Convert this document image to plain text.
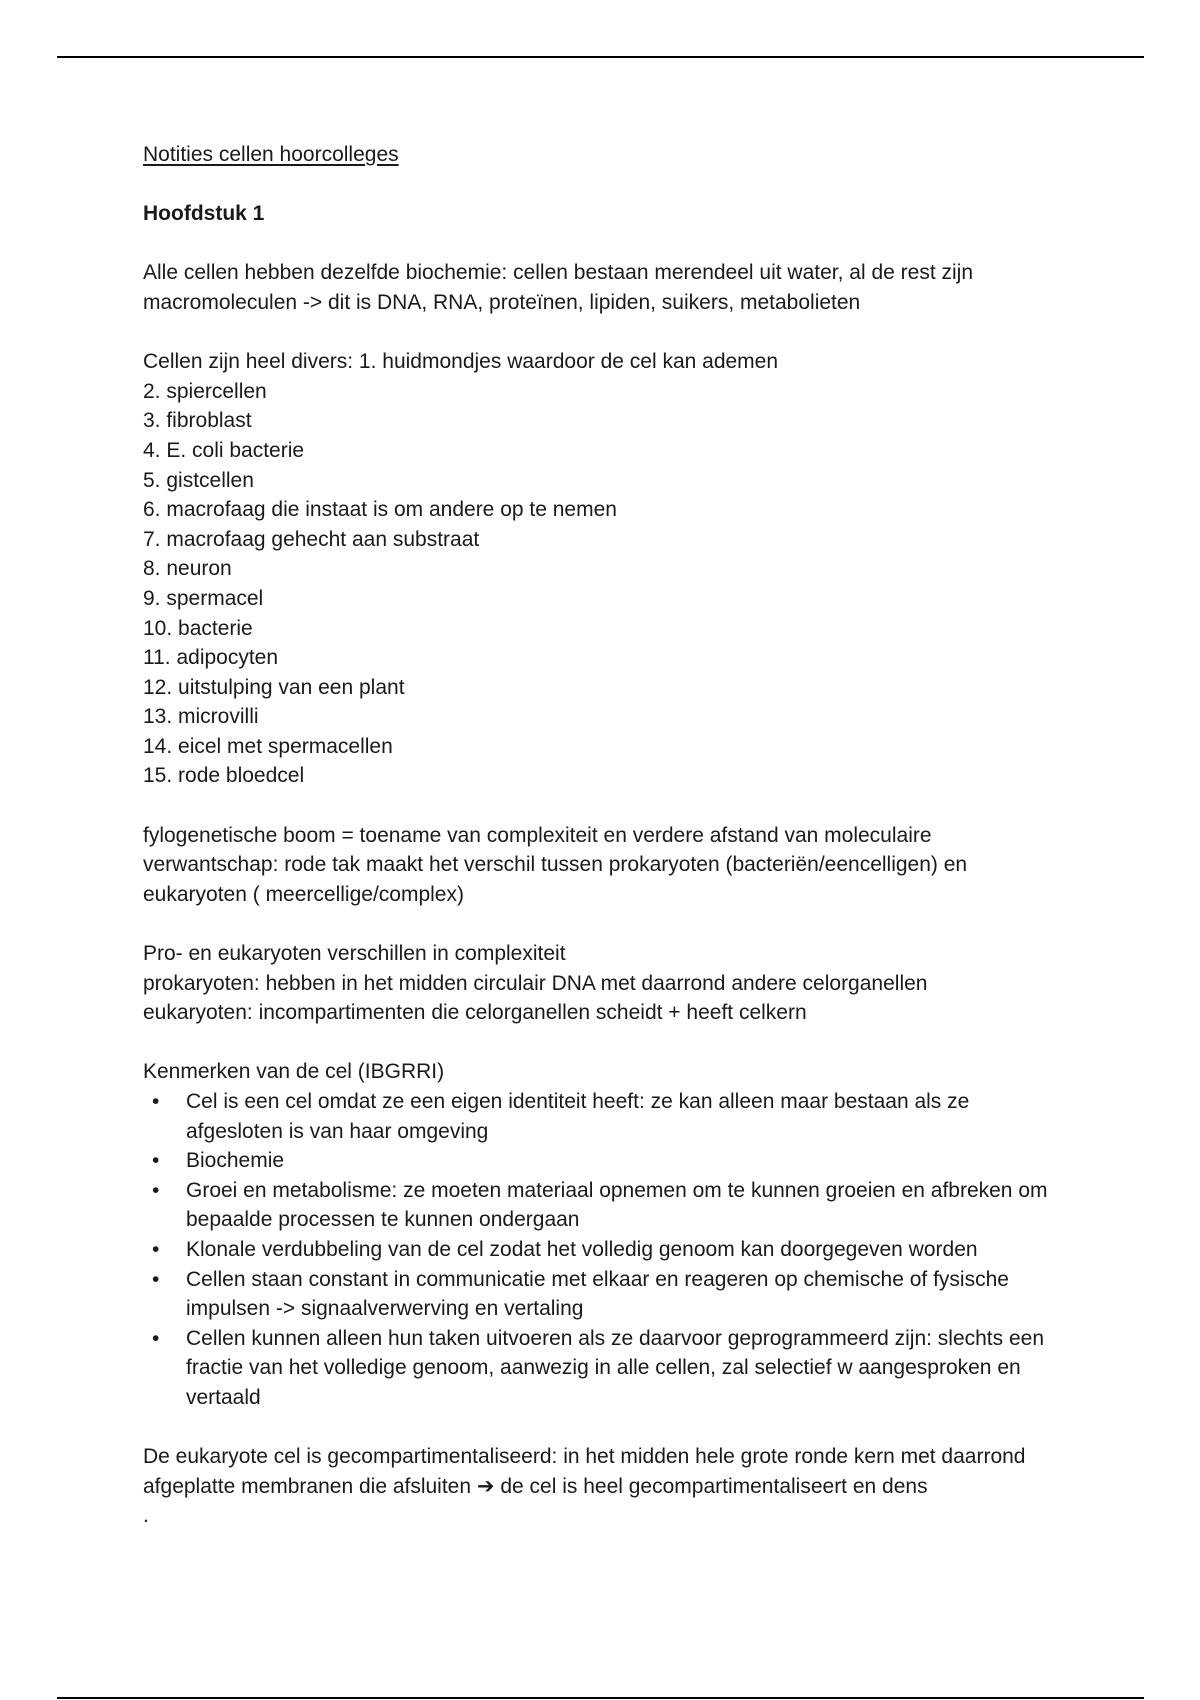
Notities cellen hoorcolleges

Hoofdstuk 1

Alle cellen hebben dezelfde biochemie: cellen bestaan merendeel uit water, al de rest zijn macromoleculen -> dit is DNA, RNA, proteïnen, lipiden, suikers, metabolieten

Cellen zijn heel divers: 1. huidmondjes waardoor de cel kan ademen

2. spiercellen
3. fibroblast
4. E. coli bacterie
5. gistcellen
6. macrofaag die instaat is om andere op te nemen
7. macrofaag gehecht aan substraat
8. neuron
9. spermacel
10. bacterie
11. adipocyten
12. uitstulping van een plant
13. microvilli
14. eicel met spermacellen
15. rode bloedcel

fylogenetische boom = toename van complexiteit en verdere afstand van moleculaire verwantschap: rode tak maakt het verschil tussen prokaryoten (bacteriën/eencelligen) en eukaryoten ( meercellige/complex)

Pro- en eukaryoten verschillen in complexiteit

prokaryoten: hebben in het midden circulair DNA met daarrond andere celorganellen

eukaryoten: incompartimenten die celorganellen scheidt + heeft celkern

Kenmerken van de cel (IBGRRI)

• Cel is een cel omdat ze een eigen identiteit heeft: ze kan alleen maar bestaan als ze afgesloten is van haar omgeving
• Biochemie
• Groei en metabolisme: ze moeten materiaal opnemen om te kunnen groeien en afbreken om bepaalde processen te kunnen ondergaan
• Klonale verdubbeling van de cel zodat het volledig genoom kan doorgegeven worden
• Cellen staan constant in communicatie met elkaar en reageren op chemische of fysische impulsen -> signaalverwerving en vertaling
• Cellen kunnen alleen hun taken uitvoeren als ze daarvoor geprogrammeerd zijn: slechts een fractie van het volledige genoom, aanwezig in alle cellen, zal selectief w aangesproken en vertaald

De eukaryote cel is gecompartimentaliseerd: in het midden hele grote ronde kern met daarrond afgeplatte membranen die afsluiten ➔ de cel is heel gecompartimentaliseert en dens

.
